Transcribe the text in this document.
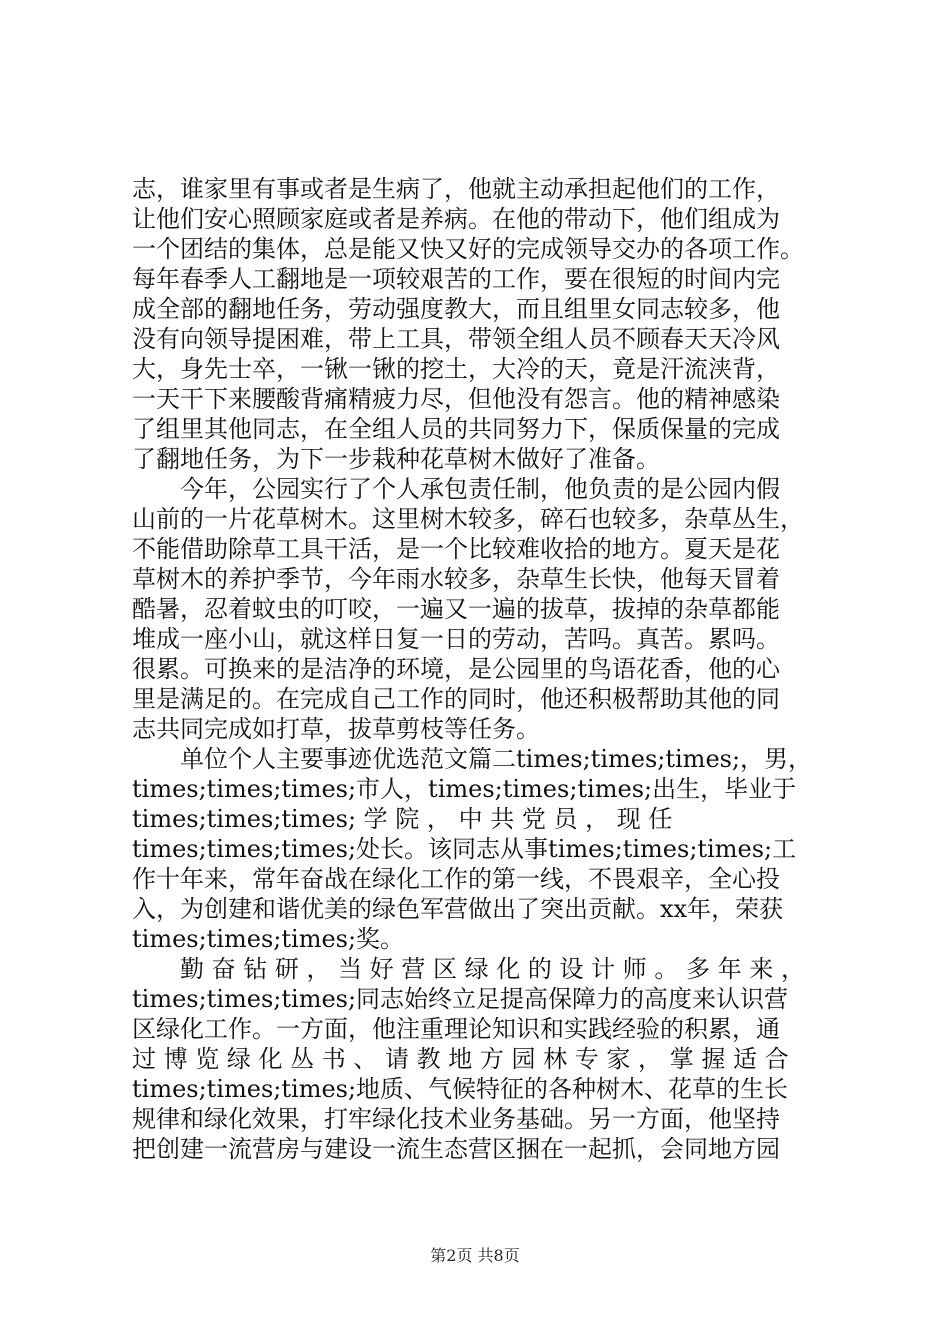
志，谁家里有事或者是生病了，他就主动承担起他们的工作，
让他们安心照顾家庭或者是养病。在他的带动下，他们组成为
一个团结的集体，总是能又快又好的完成领导交办的各项工作。
每年春季人工翻地是一项较艰苦的工作，要在很短的时间内完
成全部的翻地任务，劳动强度教大，而且组里女同志较多，他
没有向领导提困难，带上工具，带领全组人员不顾春天天冷风
大，身先士卒，一锹一锹的挖土，大冷的天，竟是汗流浃背，
一天干下来腰酸背痛精疲力尽，但他没有怨言。他的精神感染
了组里其他同志，在全组人员的共同努力下，保质保量的完成
了翻地任务，为下一步栽种花草树木做好了准备。
今年，公园实行了个人承包责任制，他负责的是公园内假
山前的一片花草树木。这里树木较多，碎石也较多，杂草丛生，
不能借助除草工具干活，是一个比较难收拾的地方。夏天是花
草树木的养护季节，今年雨水较多，杂草生长快，他每天冒着
酷暑，忍着蚊虫的叮咬，一遍又一遍的拔草，拔掉的杂草都能
堆成一座小山，就这样日复一日的劳动，苦吗。真苦。累吗。
很累。可换来的是洁净的环境，是公园里的鸟语花香，他的心
里是满足的。在完成自己工作的同时，他还积极帮助其他的同
志共同完成如打草，拔草剪枝等任务。
单位个人主要事迹优选范文篇二times;times;times;，男，
times;times;times;市人，times;times;times;出生，毕业于
times;times;times; 学 院 ， 中 共 党 员 ， 现 任
times;times;times;处长。该同志从事times;times;times;工
作十年来，常年奋战在绿化工作的第一线，不畏艰辛，全心投
入，为创建和谐优美的绿色军营做出了突出贡献。xx年，荣获
times;times;times;奖。
勤 奋 钻 研 ， 当 好 营 区 绿 化 的 设 计 师 。 多 年 来 ，
times;times;times;同志始终立足提高保障力的高度来认识营
区绿化工作。一方面，他注重理论知识和实践经验的积累，通
过 博 览 绿 化 丛 书 、 请 教 地 方 园 林 专 家 ， 掌 握 适 合
times;times;times;地质、气候特征的各种树木、花草的生长
规律和绿化效果，打牢绿化技术业务基础。另一方面，他坚持
把创建一流营房与建设一流生态营区捆在一起抓，会同地方园
第2页 共8页
